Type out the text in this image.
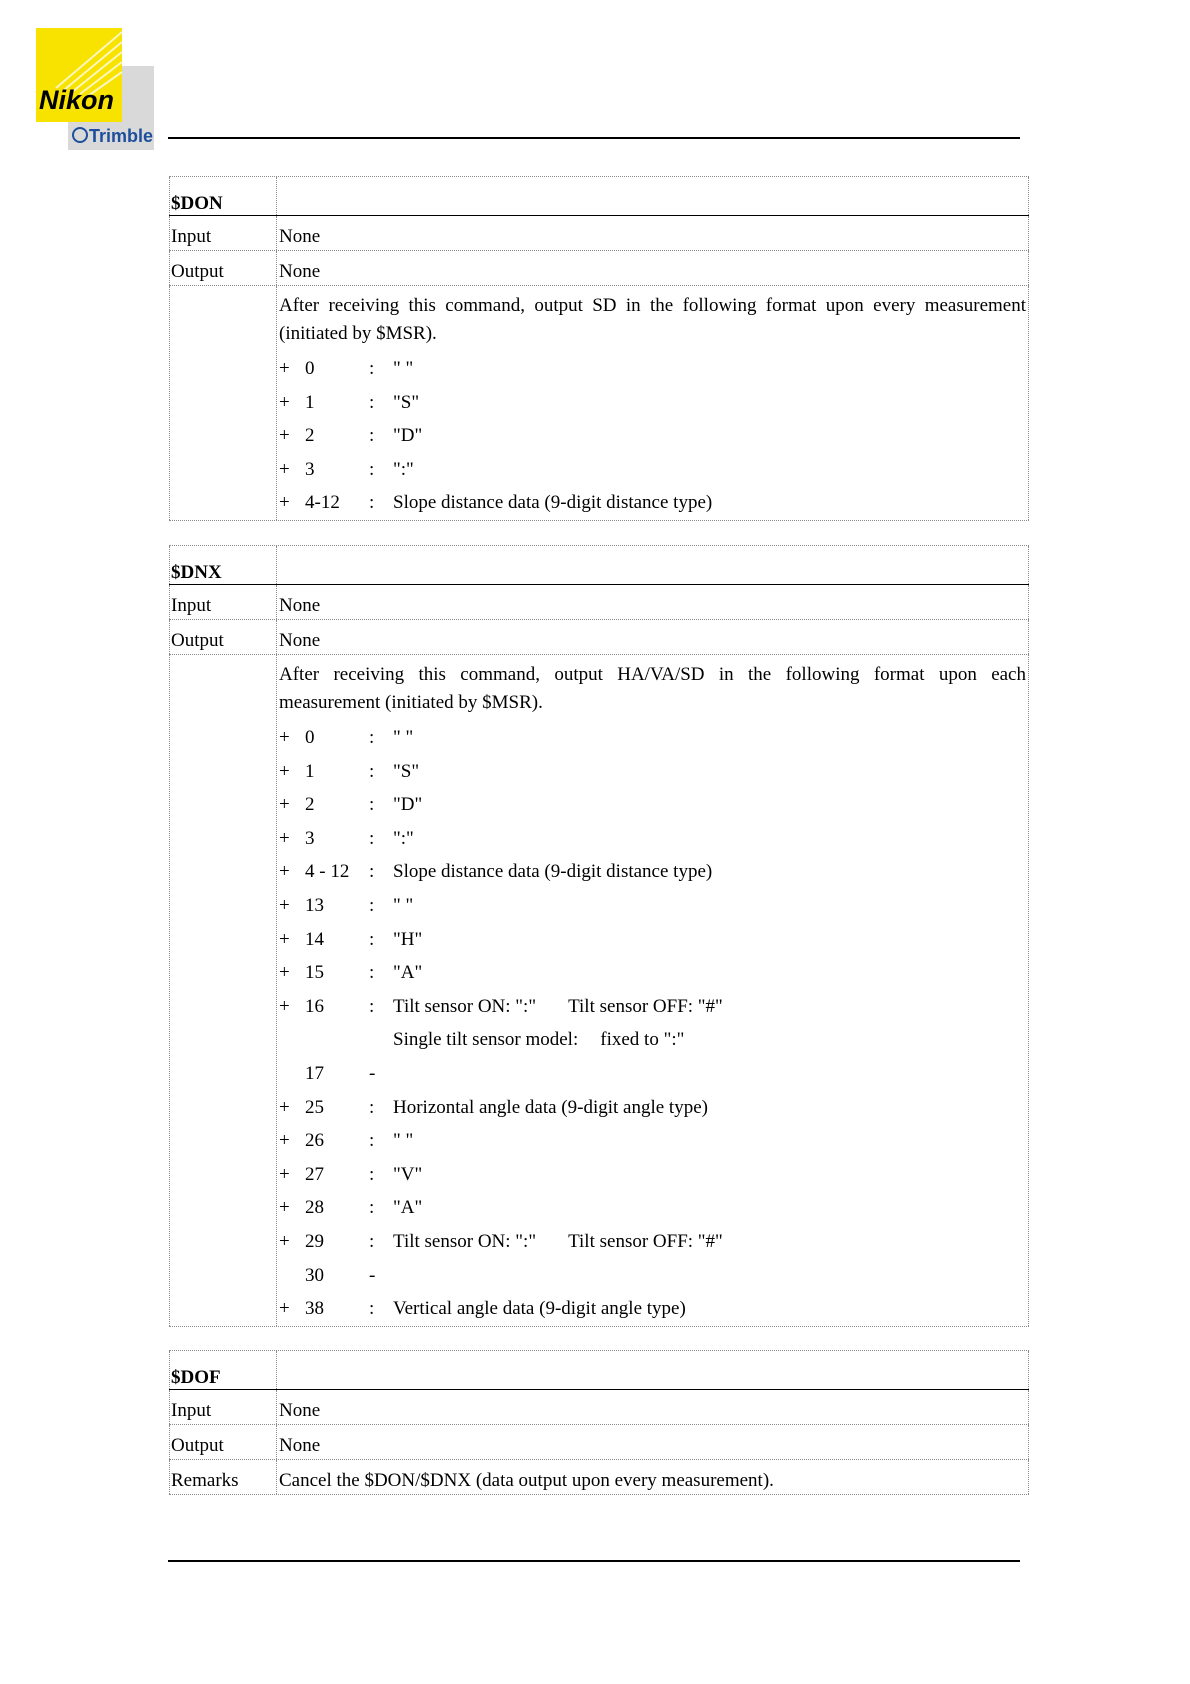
Nikon
Trimble
$DON
Input	None
Output	None
After receiving this command, output SD in the following format upon every measurement (initiated by $MSR).
+ 0	: " "
+ 1	: "S"
+ 2	: "D"
+ 3	: ":"
+ 4-12	: Slope distance data (9-digit distance type)
$DNX
Input	None
Output	None
After receiving this command, output HA/VA/SD in the following format upon each measurement (initiated by $MSR).
+ 0	: " "
+ 1	: "S"
+ 2	: "D"
+ 3	: ":"
+ 4 - 12	: Slope distance data (9-digit distance type)
+ 13	: " "
+ 14	: "H"
+ 15	: "A"
+ 16	: Tilt sensor ON: ":" Tilt sensor OFF: "#"
Single tilt sensor model: fixed to ":"
17	-
+ 25	: Horizontal angle data (9-digit angle type)
+ 26	: " "
+ 27	: "V"
+ 28	: "A"
+ 29	: Tilt sensor ON: ":" Tilt sensor OFF: "#"
30	-
+ 38	: Vertical angle data (9-digit angle type)
$DOF
Input	None
Output	None
Remarks	Cancel the $DON/$DNX (data output upon every measurement).
